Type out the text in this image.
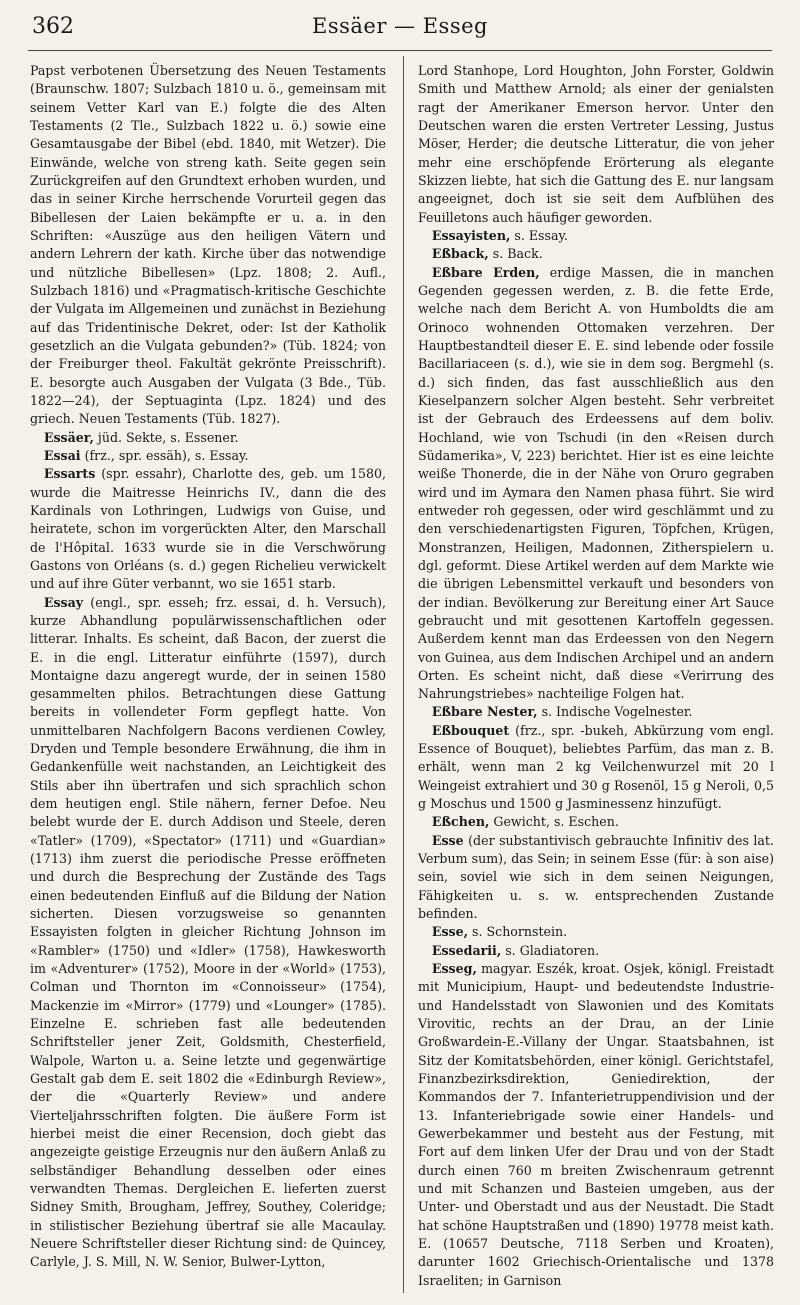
362	Essäer — Esseg

Papst verbotenen Übersetzung des Neuen Testaments (Braunschw. 1807; Sulzbach 1810 u. ö., gemeinsam mit seinem Vetter Karl van E.) folgte die des Alten Testaments (2 Tle., Sulzbach 1822 u. ö.) sowie eine Gesamtausgabe der Bibel (ebd. 1840, mit Wetzer). Die Einwände, welche von streng kath. Seite gegen sein Zurückgreifen auf den Grundtext erhoben wurden, und das in seiner Kirche herrschende Vorurteil gegen das Bibellesen der Laien bekämpfte er u. a. in den Schriften: «Auszüge aus den heiligen Vätern und andern Lehrern der kath. Kirche über das notwendige und nützliche Bibellesen» (Lpz. 1808; 2. Aufl., Sulzbach 1816) und «Pragmatisch-kritische Geschichte der Vulgata im Allgemeinen und zunächst in Beziehung auf das Tridentinische Dekret, oder: Ist der Katholik gesetzlich an die Vulgata gebunden?» (Tüb. 1824; von der Freiburger theol. Fakultät gekrönte Preisschrift). E. besorgte auch Ausgaben der Vulgata (3 Bde., Tüb. 1822—24), der Septuaginta (Lpz. 1824) und des griech. Neuen Testaments (Tüb. 1827).

Essäer, jüd. Sekte, s. Essener.

Essai (frz., spr. essäh), s. Essay.

Essarts (spr. essahr), Charlotte des, geb. um 1580, wurde die Maitresse Heinrichs IV., dann die des Kardinals von Lothringen, Ludwigs von Guise, und heiratete, schon im vorgerückten Alter, den Marschall de l'Hôpital. 1633 wurde sie in die Verschwörung Gastons von Orléans (s. d.) gegen Richelieu verwickelt und auf ihre Güter verbannt, wo sie 1651 starb.

Essay (engl., spr. esseh; frz. essai, d. h. Versuch), kurze Abhandlung populärwissenschaftlichen oder litterar. Inhalts. Es scheint, daß Bacon, der zuerst die E. in die engl. Litteratur einführte (1597), durch Montaigne dazu angeregt wurde, der in seinen 1580 gesammelten philos. Betrachtungen diese Gattung bereits in vollendeter Form gepflegt hatte. Von unmittelbaren Nachfolgern Bacons verdienen Cowley, Dryden und Temple besondere Erwähnung, die ihm in Gedankenfülle weit nachstanden, an Leichtigkeit des Stils aber ihn übertrafen und sich sprachlich schon dem heutigen engl. Stile nähern, ferner Defoe. Neu belebt wurde der E. durch Addison und Steele, deren «Tatler» (1709), «Spectator» (1711) und «Guardian» (1713) ihm zuerst die periodische Presse eröffneten und durch die Besprechung der Zustände des Tags einen bedeutenden Einfluß auf die Bildung der Nation sicherten. Diesen vorzugsweise so genannten Essayisten folgten in gleicher Richtung Johnson im «Rambler» (1750) und «Idler» (1758), Hawkesworth im «Adventurer» (1752), Moore in der «World» (1753), Colman und Thornton im «Connoisseur» (1754), Mackenzie im «Mirror» (1779) und «Lounger» (1785). Einzelne E. schrieben fast alle bedeutenden Schriftsteller jener Zeit, Goldsmith, Chesterfield, Walpole, Warton u. a. Seine letzte und gegenwärtige Gestalt gab dem E. seit 1802 die «Edinburgh Review», der die «Quarterly Review» und andere Vierteljahrsschriften folgten. Die äußere Form ist hierbei meist die einer Recension, doch giebt das angezeigte geistige Erzeugnis nur den äußern Anlaß zu selbständiger Behandlung desselben oder eines verwandten Themas. Dergleichen E. lieferten zuerst Sidney Smith, Brougham, Jeffrey, Southey, Coleridge; in stilistischer Beziehung übertraf sie alle Macaulay. Neuere Schriftsteller dieser Richtung sind: de Quincey, Carlyle, J. S. Mill, N. W. Senior, Bulwer-Lytton,

Lord Stanhope, Lord Houghton, John Forster, Goldwin Smith und Matthew Arnold; als einer der genialsten ragt der Amerikaner Emerson hervor. Unter den Deutschen waren die ersten Vertreter Lessing, Justus Möser, Herder; die deutsche Litteratur, die von jeher mehr eine erschöpfende Erörterung als elegante Skizzen liebte, hat sich die Gattung des E. nur langsam angeeignet, doch ist sie seit dem Aufblühen des Feuilletons auch häufiger geworden.

Essayisten, s. Essay.

Eßback, s. Back.

Eßbare Erden, erdige Massen, die in manchen Gegenden gegessen werden, z. B. die fette Erde, welche nach dem Bericht A. von Humboldts die am Orinoco wohnenden Ottomaken verzehren. Der Hauptbestandteil dieser E. E. sind lebende oder fossile Bacillariaceen (s. d.), wie sie in dem sog. Bergmehl (s. d.) sich finden, das fast ausschließlich aus den Kieselpanzern solcher Algen besteht. Sehr verbreitet ist der Gebrauch des Erdeessens auf dem boliv. Hochland, wie von Tschudi (in den «Reisen durch Südamerika», V, 223) berichtet. Hier ist es eine leichte weiße Thonerde, die in der Nähe von Oruro gegraben wird und im Aymara den Namen phasa führt. Sie wird entweder roh gegessen, oder wird geschlämmt und zu den verschiedenartigsten Figuren, Töpfchen, Krügen, Monstranzen, Heiligen, Madonnen, Zitherspielern u. dgl. geformt. Diese Artikel werden auf dem Markte wie die übrigen Lebensmittel verkauft und besonders von der indian. Bevölkerung zur Bereitung einer Art Sauce gebraucht und mit gesottenen Kartoffeln gegessen. Außerdem kennt man das Erdeessen von den Negern von Guinea, aus dem Indischen Archipel und an andern Orten. Es scheint nicht, daß diese «Verirrung des Nahrungstriebes» nachteilige Folgen hat.

Eßbare Nester, s. Indische Vogelnester.

Eßbouquet (frz., spr. -bukeh, Abkürzung vom engl. Essence of Bouquet), beliebtes Parfüm, das man z. B. erhält, wenn man 2 kg Veilchenwurzel mit 20 l Weingeist extrahiert und 30 g Rosenöl, 15 g Neroli, 0,5 g Moschus und 1500 g Jasminessenz hinzufügt.

Eßchen, Gewicht, s. Eschen.

Esse (der substantivisch gebrauchte Infinitiv des lat. Verbum sum), das Sein; in seinem Esse (für: à son aise) sein, soviel wie sich in dem seinen Neigungen, Fähigkeiten u. s. w. entsprechenden Zustande befinden.

Esse, s. Schornstein.

Essedarii, s. Gladiatoren.

Esseg, magyar. Eszék, kroat. Osjek, königl. Freistadt mit Municipium, Haupt- und bedeutendste Industrie- und Handelsstadt von Slawonien und des Komitats Virovitic, rechts an der Drau, an der Linie Großwardein-E.-Villany der Ungar. Staatsbahnen, ist Sitz der Komitatsbehörden, einer königl. Gerichtstafel, Finanzbezirksdirektion, Geniedirektion, der Kommandos der 7. Infanterietruppendivision und der 13. Infanteriebrigade sowie einer Handels- und Gewerbekammer und besteht aus der Festung, mit Fort auf dem linken Ufer der Drau und von der Stadt durch einen 760 m breiten Zwischenraum getrennt und mit Schanzen und Basteien umgeben, aus der Unter- und Oberstadt und aus der Neustadt. Die Stadt hat schöne Hauptstraßen und (1890) 19778 meist kath. E. (10657 Deutsche, 7118 Serben und Kroaten), darunter 1602 Griechisch-Orientalische und 1378 Israeliten; in Garnison
